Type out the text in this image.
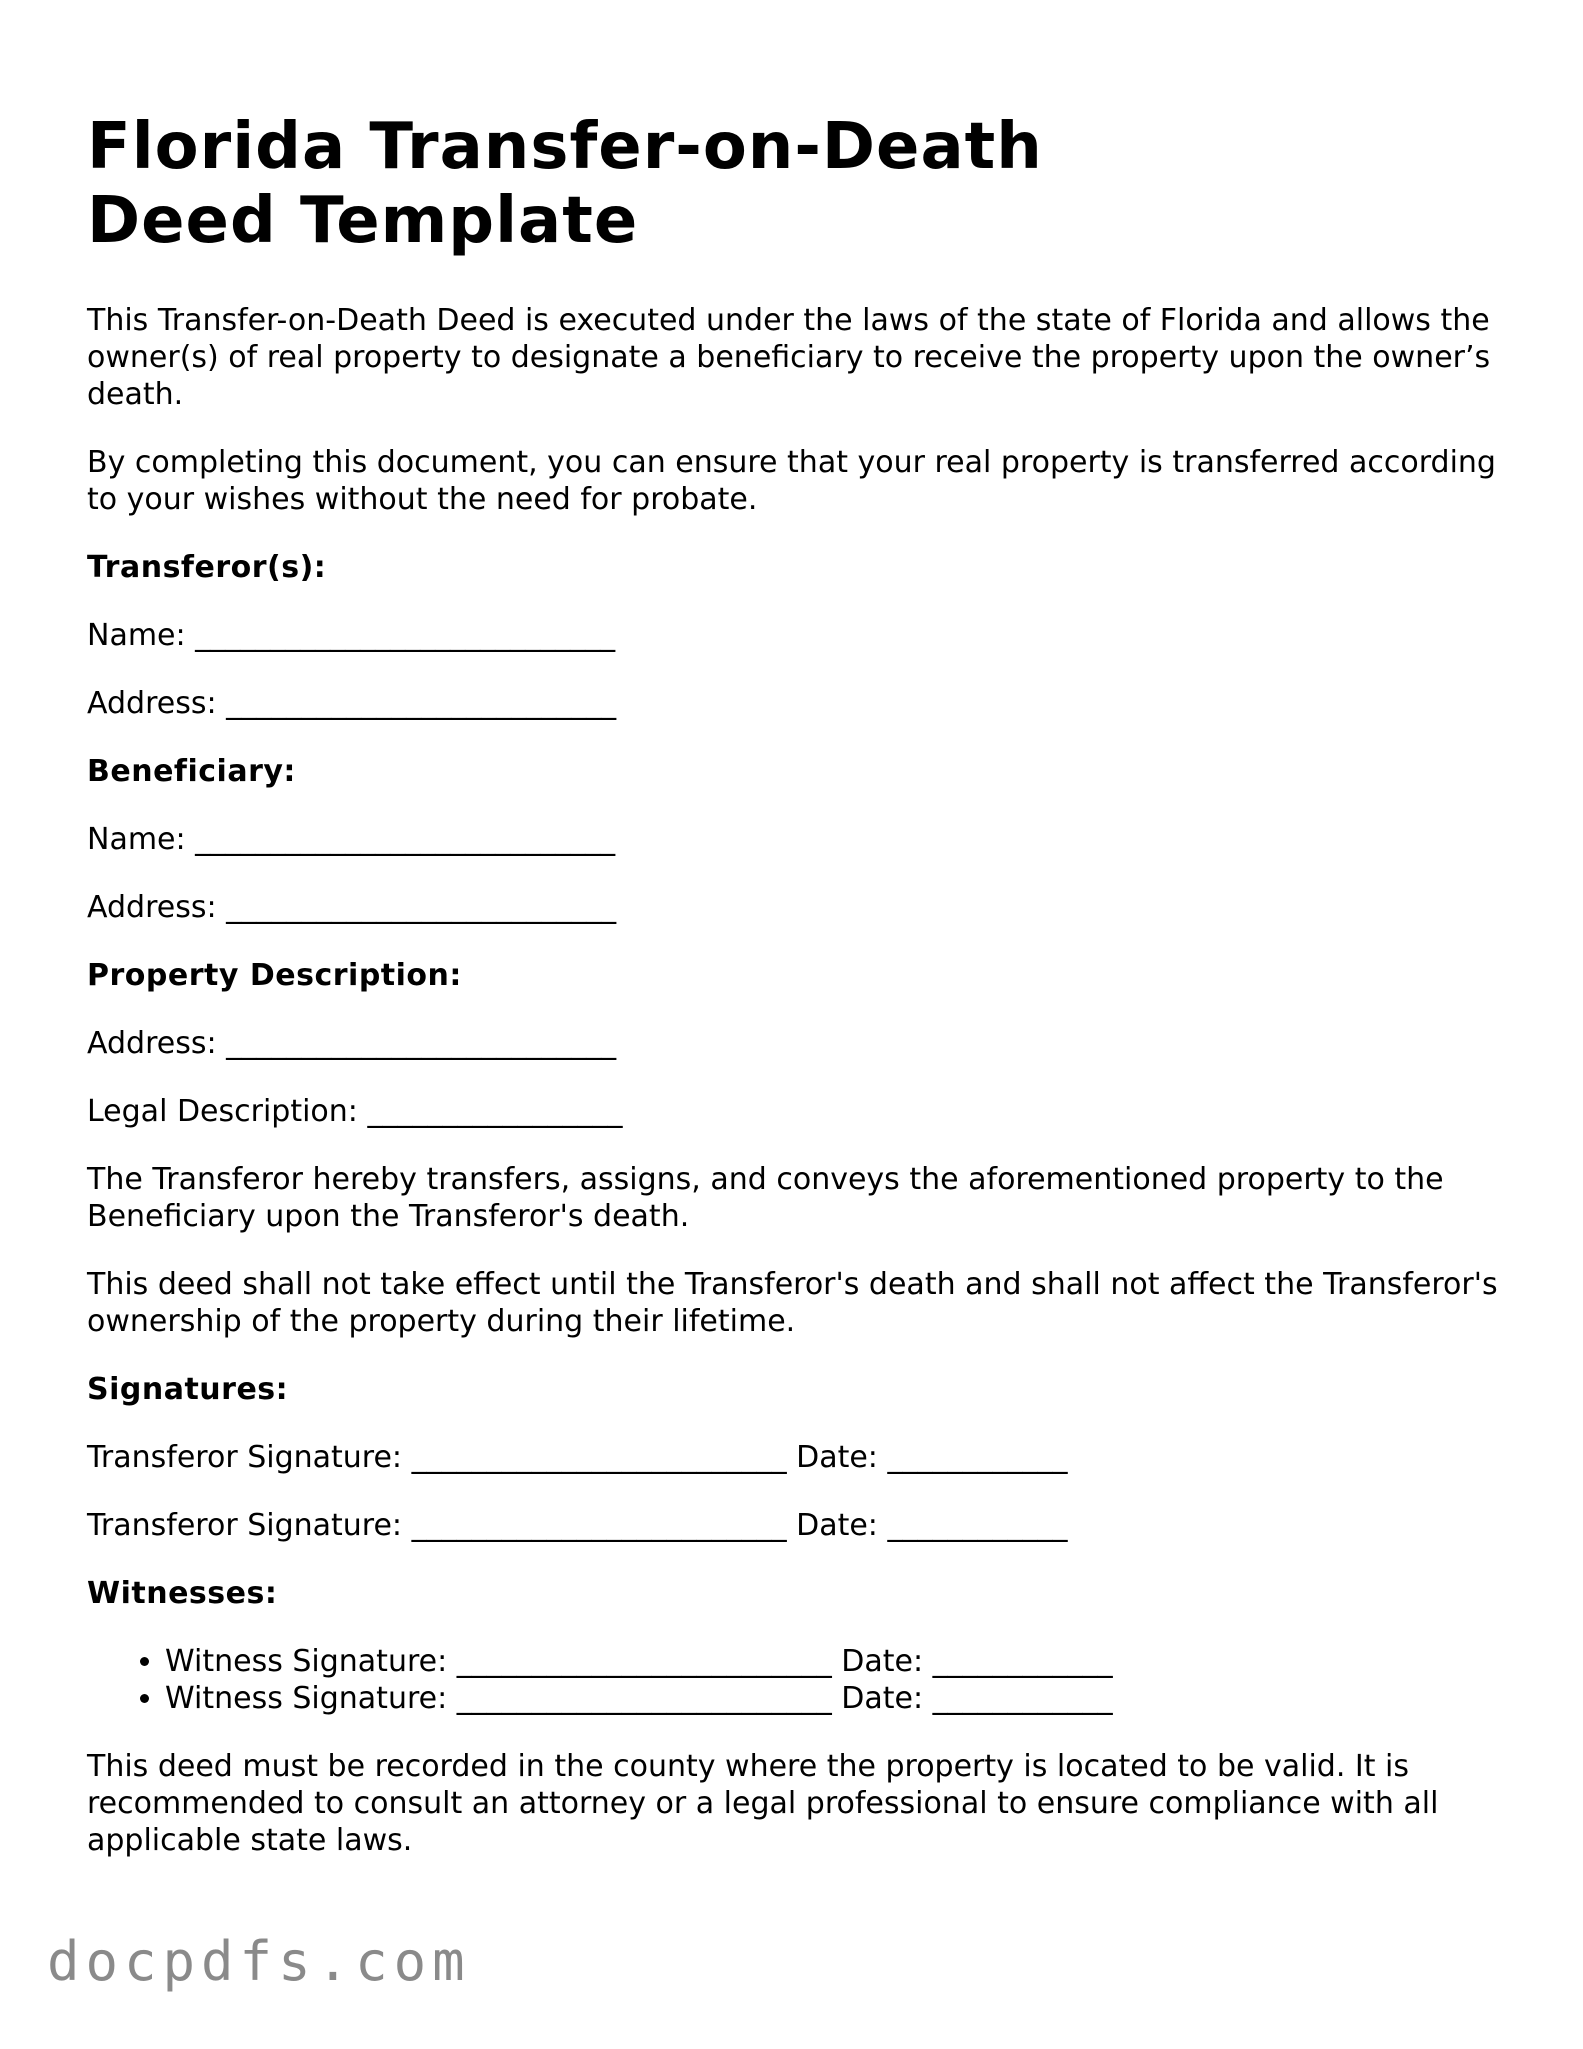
Florida Transfer-on-Death Deed Template

This Transfer-on-Death Deed is executed under the laws of the state of Florida and allows the owner(s) of real property to designate a beneficiary to receive the property upon the owner’s death.

By completing this document, you can ensure that your real property is transferred according to your wishes without the need for probate.

Transferor(s):

Name: ____________________________

Address: __________________________

Beneficiary:

Name: ____________________________

Address: __________________________

Property Description:

Address: __________________________

Legal Description: _________________

The Transferor hereby transfers, assigns, and conveys the aforementioned property to the Beneficiary upon the Transferor's death.

This deed shall not take effect until the Transferor's death and shall not affect the Transferor's ownership of the property during their lifetime.

Signatures:

Transferor Signature: _________________________ Date: ____________

Transferor Signature: _________________________ Date: ____________

Witnesses:

• Witness Signature: _________________________ Date: ____________
• Witness Signature: _________________________ Date: ____________

This deed must be recorded in the county where the property is located to be valid. It is recommended to consult an attorney or a legal professional to ensure compliance with all applicable state laws.

docpdfs.com
